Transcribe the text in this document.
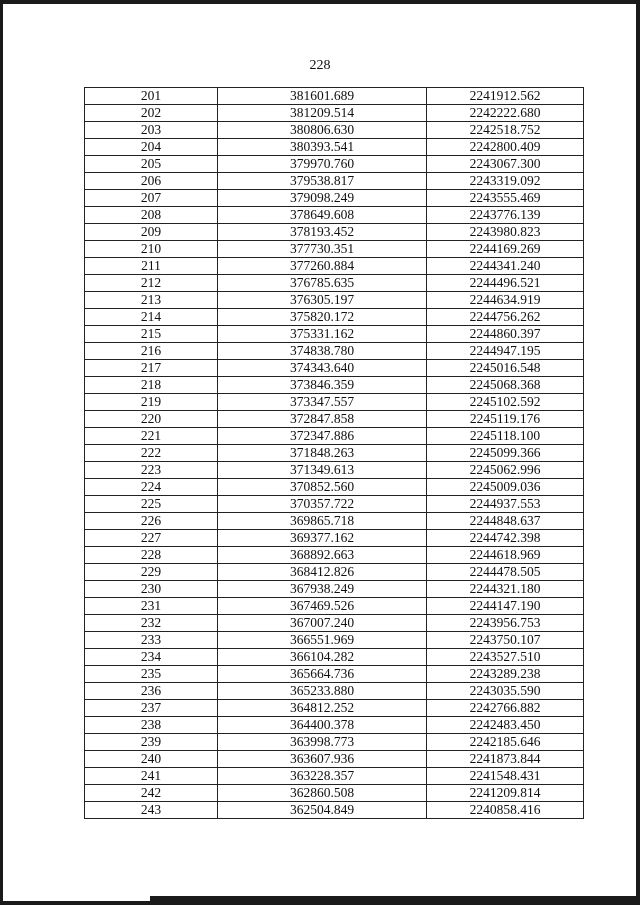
228
201	381601.689	2241912.562
202	381209.514	2242222.680
203	380806.630	2242518.752
204	380393.541	2242800.409
205	379970.760	2243067.300
206	379538.817	2243319.092
207	379098.249	2243555.469
208	378649.608	2243776.139
209	378193.452	2243980.823
210	377730.351	2244169.269
211	377260.884	2244341.240
212	376785.635	2244496.521
213	376305.197	2244634.919
214	375820.172	2244756.262
215	375331.162	2244860.397
216	374838.780	2244947.195
217	374343.640	2245016.548
218	373846.359	2245068.368
219	373347.557	2245102.592
220	372847.858	2245119.176
221	372347.886	2245118.100
222	371848.263	2245099.366
223	371349.613	2245062.996
224	370852.560	2245009.036
225	370357.722	2244937.553
226	369865.718	2244848.637
227	369377.162	2244742.398
228	368892.663	2244618.969
229	368412.826	2244478.505
230	367938.249	2244321.180
231	367469.526	2244147.190
232	367007.240	2243956.753
233	366551.969	2243750.107
234	366104.282	2243527.510
235	365664.736	2243289.238
236	365233.880	2243035.590
237	364812.252	2242766.882
238	364400.378	2242483.450
239	363998.773	2242185.646
240	363607.936	2241873.844
241	363228.357	2241548.431
242	362860.508	2241209.814
243	362504.849	2240858.416
